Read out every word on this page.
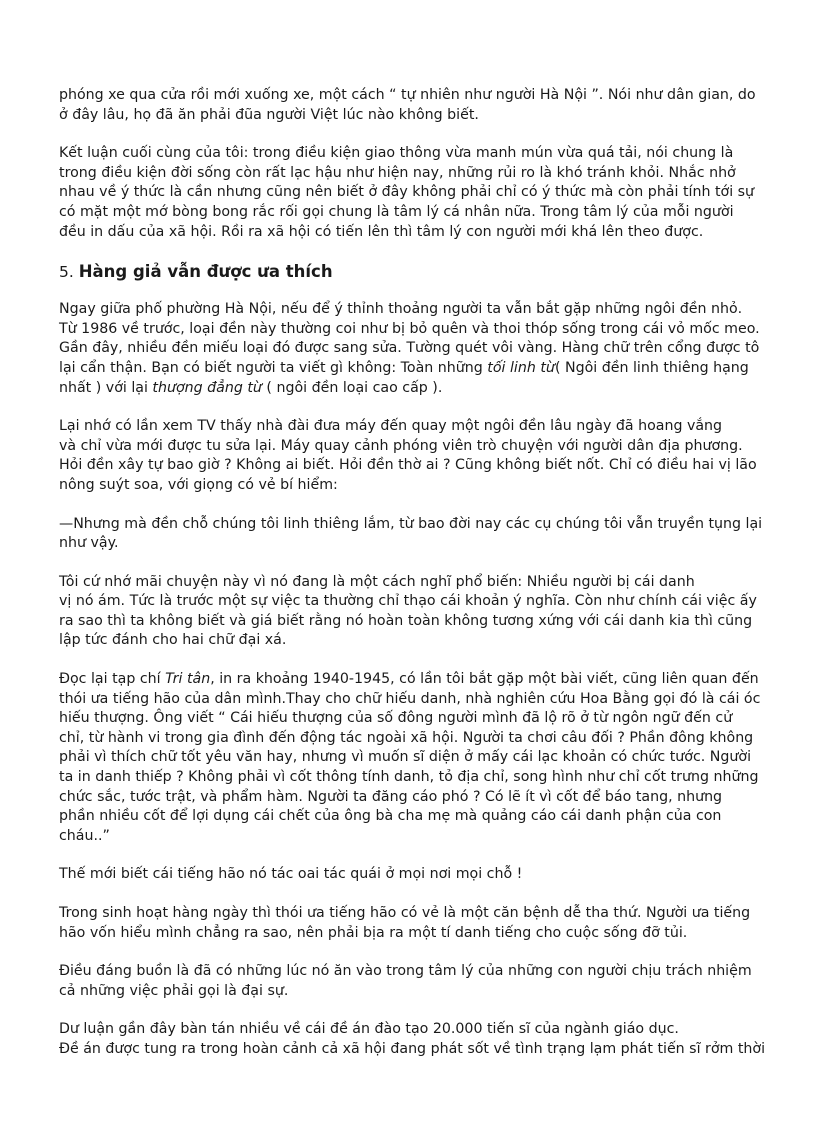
phóng xe qua cửa rồi mới xuống xe, một cách “ tự nhiên như người Hà Nội ”. Nói như dân gian, do
ở đây lâu, họ đã ăn phải đũa người Việt lúc nào không biết.

Kết luận cuối cùng của tôi: trong điều kiện giao thông vừa manh mún vừa quá tải, nói chung là
trong điều kiện đời sống còn rất lạc hậu như hiện nay, những rủi ro là khó tránh khỏi. Nhắc nhở
nhau về ý thức là cần nhưng cũng nên biết ở đây không phải chỉ có ý thức mà còn phải tính tới sự
có mặt một mớ bòng bong rắc rối gọi chung là tâm lý cá nhân nữa. Trong tâm lý của mỗi người
đều in dấu của xã hội. Rồi ra xã hội có tiến lên thì tâm lý con người mới khá lên theo được.

5. Hàng giả vẫn được ưa thích

Ngay giữa phố phường Hà Nội, nếu để ý thỉnh thoảng người ta vẫn bắt gặp những ngôi đền nhỏ.
Từ 1986 về trước, loại đền này thường coi như bị bỏ quên và thoi thóp sống trong cái vỏ mốc meo.
Gần đây, nhiều đền miếu loại đó được sang sửa. Tường quét vôi vàng. Hàng chữ trên cổng được tô
lại cẩn thận. Bạn có biết người ta viết gì không: Toàn những tối linh từ( Ngôi đền linh thiêng hạng
nhất ) với lại thượng đẳng từ ( ngôi đền loại cao cấp ).

Lại nhớ có lần xem TV thấy nhà đài đưa máy đến quay một ngôi đền lâu ngày đã hoang vắng
và chỉ vừa mới được tu sửa lại. Máy quay cảnh phóng viên trò chuyện với người dân địa phương.
Hỏi đền xây tự bao giờ ? Không ai biết. Hỏi đền thờ ai ? Cũng không biết nốt. Chỉ có điều hai vị lão
nông suýt soa, với giọng có vẻ bí hiểm:

—Nhưng mà đền chỗ chúng tôi linh thiêng lắm, từ bao đời nay các cụ chúng tôi vẫn truyền tụng lại
như vậy.

Tôi cứ nhớ mãi chuyện này vì nó đang là một cách nghĩ phổ biến: Nhiều người bị cái danh
vị nó ám. Tức là trước một sự việc ta thường chỉ thạo cái khoản ý nghĩa. Còn như chính cái việc ấy
ra sao thì ta không biết và giá biết rằng nó hoàn toàn không tương xứng với cái danh kia thì cũng
lập tức đánh cho hai chữ đại xá.

Đọc lại tạp chí Tri tân, in ra khoảng 1940-1945, có lần tôi bắt gặp một bài viết, cũng liên quan đến
thói ưa tiếng hão của dân mình.Thay cho chữ hiếu danh, nhà nghiên cứu Hoa Bằng gọi đó là cái óc
hiếu thượng. Ông viết “ Cái hiếu thượng của số đông người mình đã lộ rõ ở từ ngôn ngữ đến cử
chỉ, từ hành vi trong gia đình đến động tác ngoài xã hội. Người ta chơi câu đối ? Phần đông không
phải vì thích chữ tốt yêu văn hay, nhưng vì muốn sĩ diện ở mấy cái lạc khoản có chức tước. Người
ta in danh thiếp ? Không phải vì cốt thông tính danh, tỏ địa chỉ, song hình như chỉ cốt trưng những
chức sắc, tước trật, và phẩm hàm. Người ta đăng cáo phó ? Có lẽ ít vì cốt để báo tang, nhưng
phần nhiều cốt để lợi dụng cái chết của ông bà cha mẹ mà quảng cáo cái danh phận của con
cháu..”

Thế mới biết cái tiếng hão nó tác oai tác quái ở mọi nơi mọi chỗ !

Trong sinh hoạt hàng ngày thì thói ưa tiếng hão có vẻ là một căn bệnh dễ tha thứ. Người ưa tiếng
hão vốn hiểu mình chẳng ra sao, nên phải bịa ra một tí danh tiếng cho cuộc sống đỡ tủi.

Điều đáng buồn là đã có những lúc nó ăn vào trong tâm lý của những con người chịu trách nhiệm
cả những việc phải gọi là đại sự.

Dư luận gần đây bàn tán nhiều về cái đề án đào tạo 20.000 tiến sĩ của ngành giáo dục.

Đề án được tung ra trong hoàn cảnh cả xã hội đang phát sốt về tình trạng lạm phát tiến sĩ rởm thời
